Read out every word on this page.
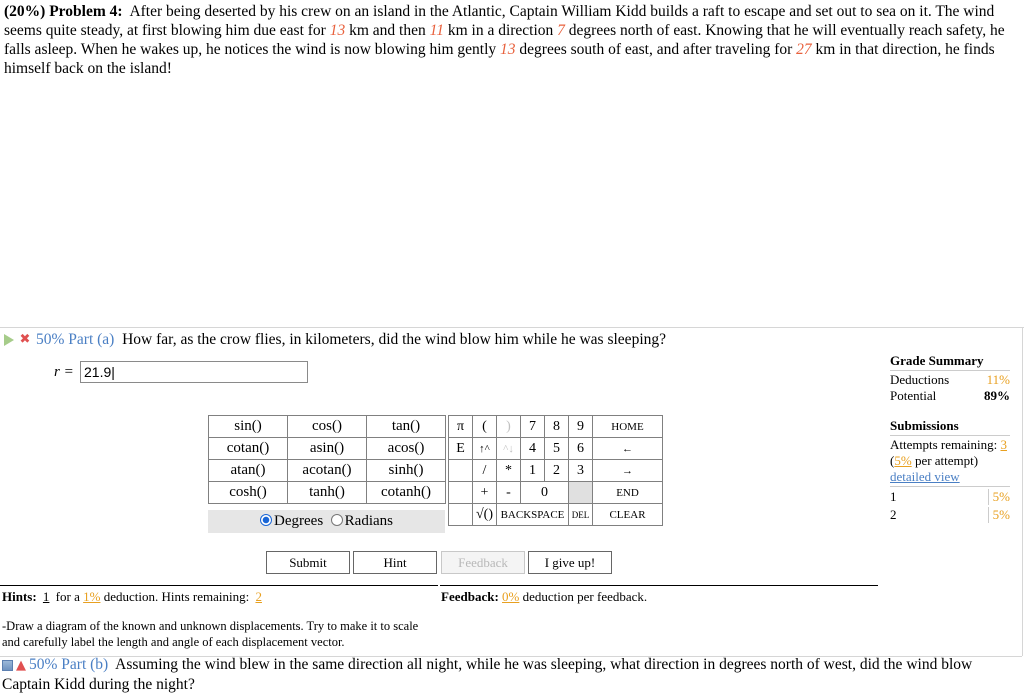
(20%) Problem 4: After being deserted by his crew on an island in the Atlantic, Captain William Kidd builds a raft to escape and set out to sea on it. The wind seems quite steady, at first blowing him due east for 13 km and then 11 km in a direction 7 degrees north of east. Knowing that he will eventually reach safety, he falls asleep. When he wakes up, he notices the wind is now blowing him gently 13 degrees south of east, and after traveling for 27 km in that direction, he finds himself back on the island!
✖ 50% Part (a) How far, as the crow flies, in kilometers, did the wind blow him while he was sleeping?
r = 21.9|
sin()	cos()	tan()
cotan()	asin()	acos()
atan()	acotan()	sinh()
cosh()	tanh()	cotanh()
Degrees Radians
π	(	)	7	8	9	HOME
E	↑^	^↓	4	5	6	←
	/	*	1	2	3	→
	+	-	0			END
	√()	BACKSPACE			DEL	CLEAR
Submit	Hint	Feedback	I give up!
Grade Summary
Deductions	11%
Potential	89%
Submissions
Attempts remaining: 3
(5% per attempt)
detailed view
1	5%
2	5%
Hints: 1 for a 1% deduction. Hints remaining: 2	Feedback: 0% deduction per feedback.
-Draw a diagram of the known and unknown displacements. Try to make it to scale and carefully label the length and angle of each displacement vector.
▲ 50% Part (b) Assuming the wind blew in the same direction all night, while he was sleeping, what direction in degrees north of west, did the wind blow Captain Kidd during the night?
